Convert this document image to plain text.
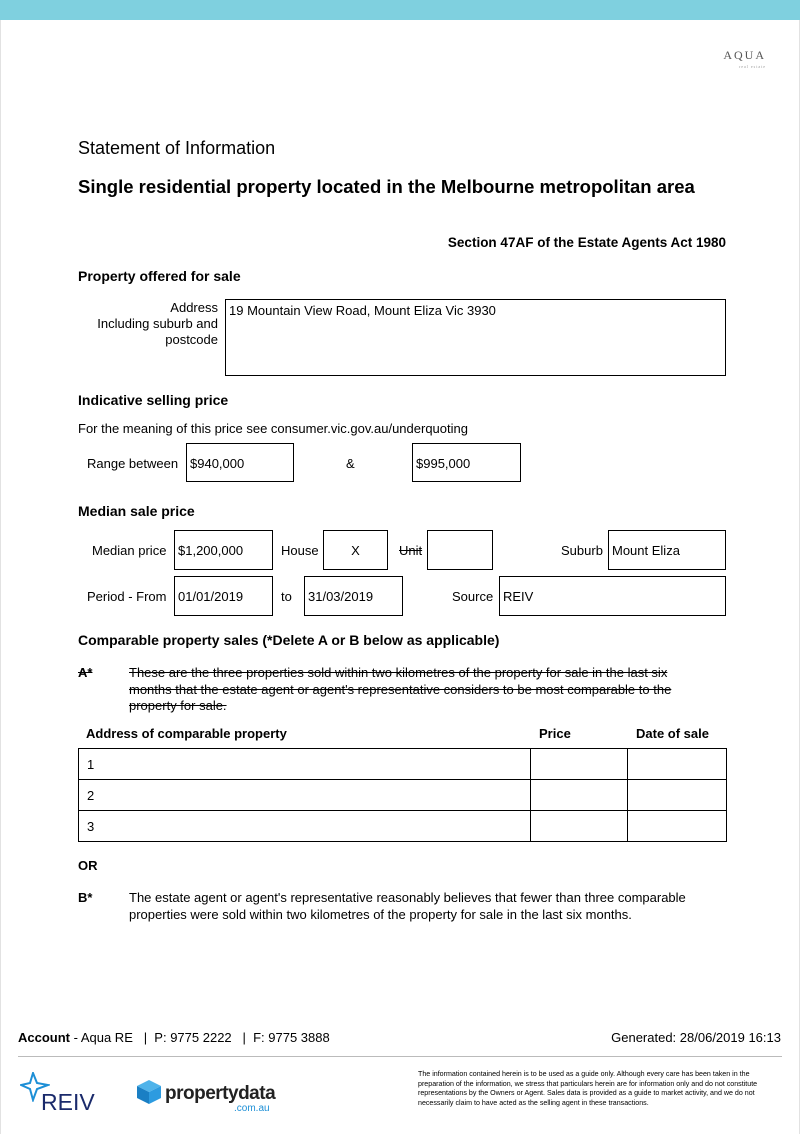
AQUA
real estate
Statement of Information
Single residential property located in the Melbourne metropolitan area
Section 47AF of the Estate Agents Act 1980
Property offered for sale
Address
Including suburb and
postcode
19 Mountain View Road, Mount Eliza Vic 3930
Indicative selling price
For the meaning of this price see consumer.vic.gov.au/underquoting
Range between $940,000	&	$995,000
Median sale price
Median price $1,200,000	House	X	Unit	Suburb Mount Eliza
Period - From 01/01/2019	to	31/03/2019	Source REIV
Comparable property sales (*Delete A or B below as applicable)
A*	These are the three properties sold within two kilometres of the property for sale in the last six months that the estate agent or agent's representative considers to be most comparable to the property for sale.
Address of comparable property	Price	Date of sale
1		
2		
3		
OR
B*	The estate agent or agent's representative reasonably believes that fewer than three comparable properties were sold within two kilometres of the property for sale in the last six months.
Account - Aqua RE   |  P: 9775 2222   |  F: 9775 3888	Generated: 28/06/2019 16:13
REIV	propertydata
.com.au
The information contained herein is to be used as a guide only. Although every care has been taken in the preparation of the information, we stress that particulars herein are for information only and do not constitute representations by the Owners or Agent. Sales data is provided as a guide to market activity, and we do not necessarily claim to have acted as the selling agent in these transactions.
